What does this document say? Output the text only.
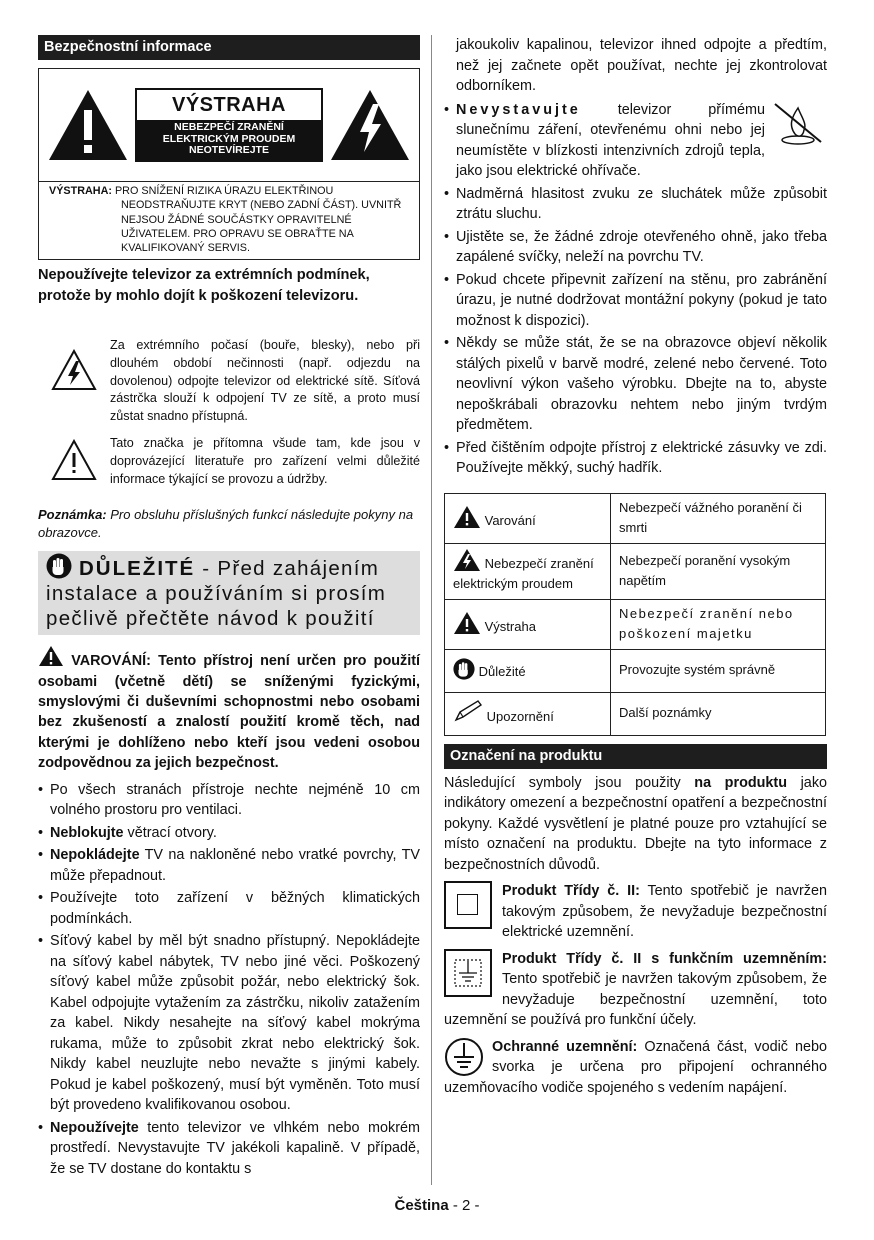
Bezpečnostní informace
VÝSTRAHA
NEBEZPEČÍ ZRANĚNÍ ELEKTRICKÝM PROUDEM NEOTEVÍREJTE
VÝSTRAHA: PRO SNÍŽENÍ RIZIKA ÚRAZU ELEKTŘINOU
NEODSTRAŇUJTE KRYT (NEBO ZADNÍ ČÁST). UVNITŘ NEJSOU ŽÁDNÉ SOUČÁSTKY OPRAVITELNÉ UŽIVATELEM. PRO OPRAVU SE OBRAŤTE NA KVALIFIKOVANÝ SERVIS.

Nepoužívejte televizor za extrémních podmínek, protože by mohlo dojít k poškození televizoru.

Za extrémního počasí (bouře, blesky), nebo při dlouhém období nečinnosti (např. odjezdu na dovolenou) odpojte televizor od elektrické sítě. Síťová zástrčka slouží k odpojení TV ze sítě, a proto musí zůstat snadno přístupná.
Tato značka je přítomna všude tam, kde jsou v doprovázející literatuře pro zařízení velmi důležité informace týkající se provozu a údržby.

Poznámka: Pro obsluhu příslušných funkcí následujte pokyny na obrazovce.

DŮLEŽITÉ - Před zahájením instalace a používáním si prosím pečlivě přečtěte návod k použití

VAROVÁNÍ: Tento přístroj není určen pro použití osobami (včetně dětí) se sníženými fyzickými, smyslovými či duševními schopnostmi nebo osobami bez zkušeností a znalostí použití kromě těch, nad kterými je dohlíženo nebo kteří jsou vedeni osobou zodpovědnou za jejich bezpečnost.

• Po všech stranách přístroje nechte nejméně 10 cm volného prostoru pro ventilaci.
• Neblokujte větrací otvory.
• Nepokládejte TV na nakloněné nebo vratké povrchy, TV může přepadnout.
• Používejte toto zařízení v běžných klimatických podmínkách.
• Síťový kabel by měl být snadno přístupný. Nepokládejte na síťový kabel nábytek, TV nebo jiné věci. Poškozený síťový kabel může způsobit požár, nebo elektrický šok. Kabel odpojujte vytažením za zástrčku, nikoliv zatažením za kabel. Nikdy nesahejte na síťový kabel mokrýma rukama, může to způsobit zkrat nebo elektrický šok. Nikdy kabel neuzlujte nebo nevažte s jinými kabely. Pokud je kabel poškozený, musí být vyměněn. Toto musí být provedeno kvalifikovanou osobou.
• Nepoužívejte tento televizor ve vlhkém nebo mokrém prostředí. Nevystavujte TV jakékoli kapalině. V případě, že se TV dostane do kontaktu s

jakoukoliv kapalinou, televizor ihned odpojte a předtím, než jej začnete opět používat, nechte jej zkontrolovat odborníkem.

• Nevystavujte televizor přímému slunečnímu záření, otevřenému ohni nebo jej neumístěte v blízkosti intenzivních zdrojů tepla, jako jsou elektrické ohřívače.
• Nadměrná hlasitost zvuku ze sluchátek může způsobit ztrátu sluchu.
• Ujistěte se, že žádné zdroje otevřeného ohně, jako třeba zapálené svíčky, neleží na povrchu TV.
• Pokud chcete připevnit zařízení na stěnu, pro zabránění úrazu, je nutné dodržovat montážní pokyny (pokud je tato možnost k dispozici).
• Někdy se může stát, že se na obrazovce objeví několik stálých pixelů v barvě modré, zelené nebo červené. Toto neovlivní výkon vašeho výrobku. Dbejte na to, abyste nepoškrábali obrazovku nehtem nebo jiným tvrdým předmětem.
• Před čištěním odpojte přístroj z elektrické zásuvky ve zdi. Používejte měkký, suchý hadřík.
Varování	Nebezpečí vážného poranění či smrti
Nebezpečí zranění elektrickým proudem	Nebezpečí poranění vysokým napětím
Výstraha	Nebezpečí zranění nebo poškození majetku
Důležité	Provozujte systém správně
Upozornění	Další poznámky
Označení na produktu

Následující symboly jsou použity na produktu jako indikátory omezení a bezpečnostní opatření a bezpečnostní pokyny. Každé vysvětlení je platné pouze pro vztahující se místo označení na produktu. Dbejte na tyto informace z bezpečnostních důvodů.

Produkt Třídy č. II: Tento spotřebič je navržen takovým způsobem, že nevyžaduje bezpečnostní elektrické uzemnění.

Produkt Třídy č. II s funkčním uzemněním: Tento spotřebič je navržen takovým způsobem, že nevyžaduje bezpečnostní uzemnění, toto uzemnění se používá pro funkční účely.

Ochranné uzemnění: Označená část, vodič nebo svorka je určena pro připojení ochranného uzemňovacího vodiče spojeného s vedením napájení.

Čeština - 2 -
